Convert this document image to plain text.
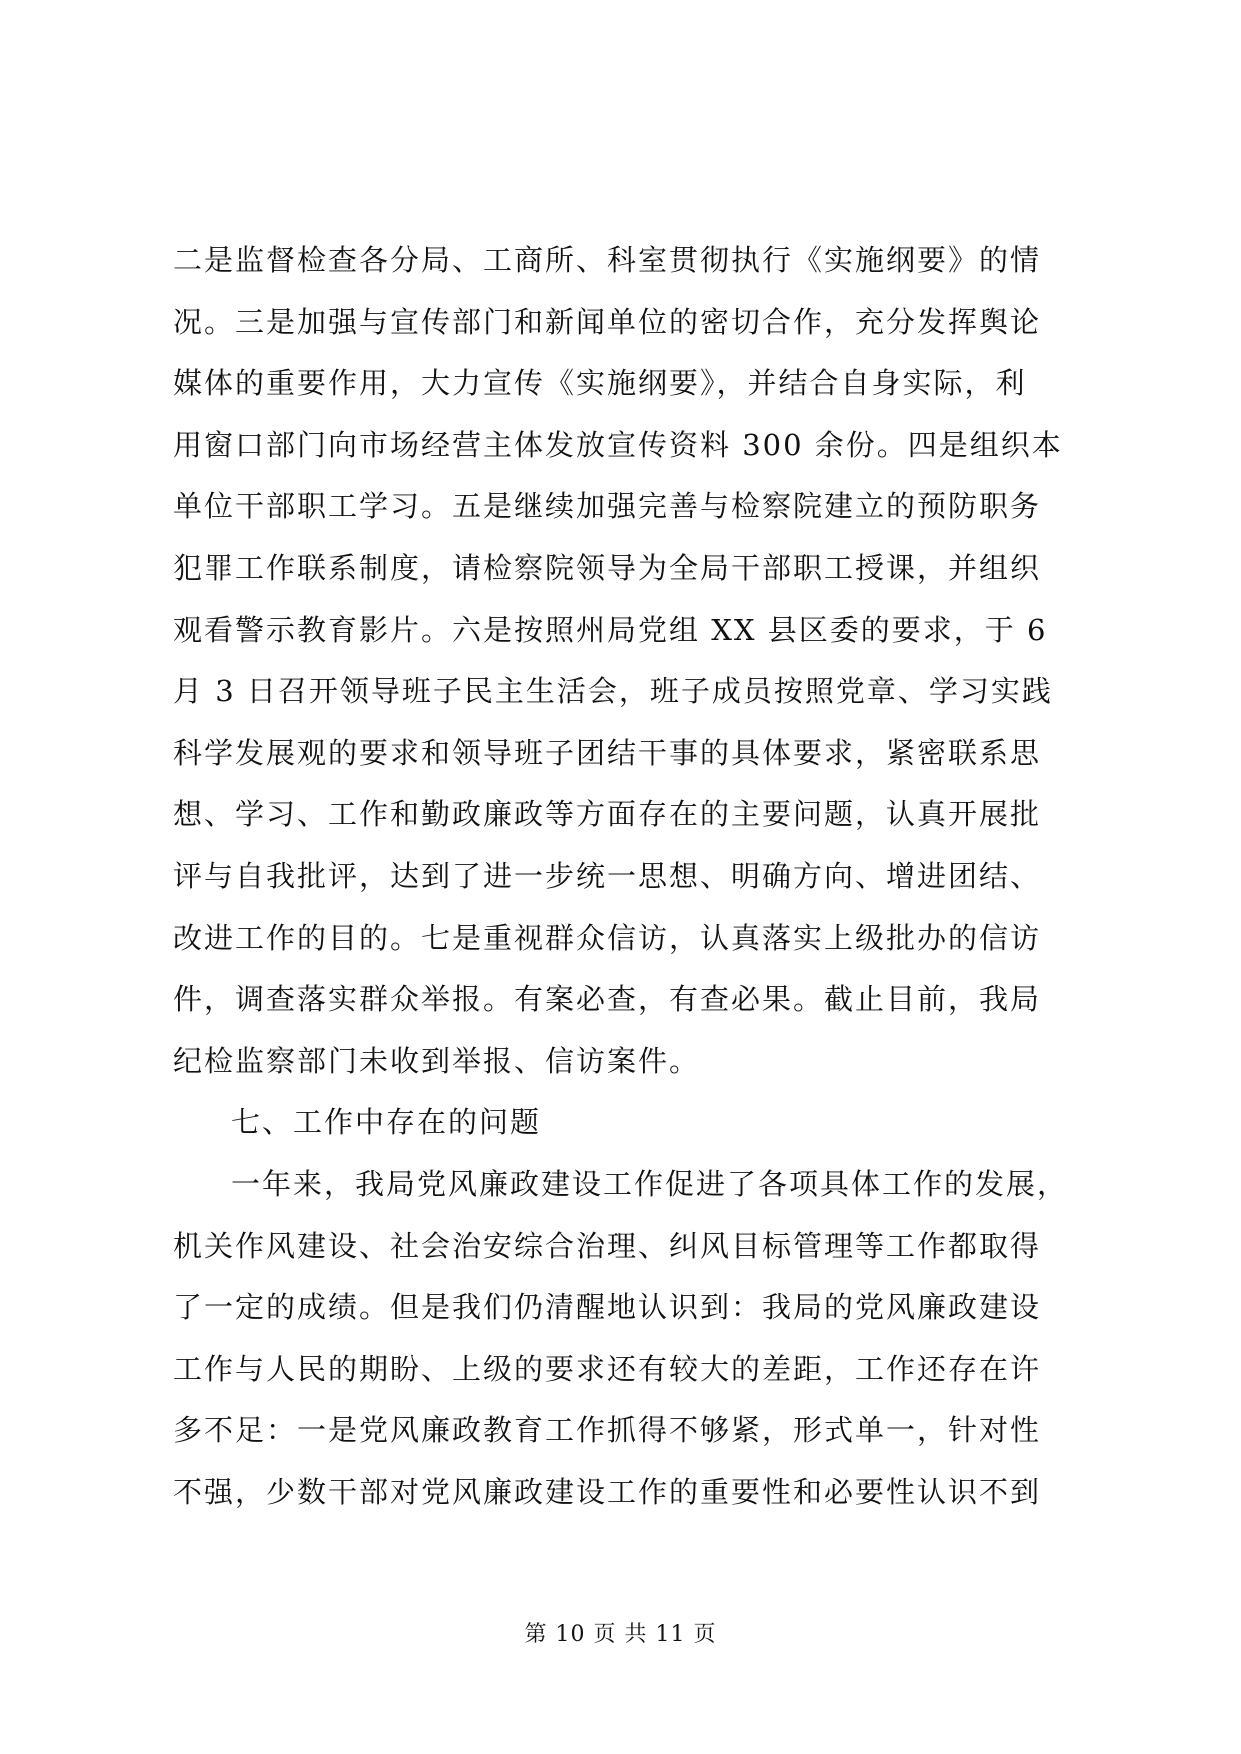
二是监督检查各分局、工商所、科室贯彻执行《实施纲要》的情
况。三是加强与宣传部门和新闻单位的密切合作，充分发挥舆论
媒体的重要作用，大力宣传《实施纲要》，并结合自身实际，利
用窗口部门向市场经营主体发放宣传资料 300 余份。四是组织本
单位干部职工学习。五是继续加强完善与检察院建立的预防职务
犯罪工作联系制度，请检察院领导为全局干部职工授课，并组织
观看警示教育影片。六是按照州局党组 XX 县区委的要求，于 6
月 3 日召开领导班子民主生活会，班子成员按照党章、学习实践
科学发展观的要求和领导班子团结干事的具体要求，紧密联系思
想、学习、工作和勤政廉政等方面存在的主要问题，认真开展批
评与自我批评，达到了进一步统一思想、明确方向、增进团结、
改进工作的目的。七是重视群众信访，认真落实上级批办的信访
件，调查落实群众举报。有案必查，有查必果。截止目前，我局
纪检监察部门未收到举报、信访案件。
七、工作中存在的问题
一年来，我局党风廉政建设工作促进了各项具体工作的发展，
机关作风建设、社会治安综合治理、纠风目标管理等工作都取得
了一定的成绩。但是我们仍清醒地认识到：我局的党风廉政建设
工作与人民的期盼、上级的要求还有较大的差距，工作还存在许
多不足：一是党风廉政教育工作抓得不够紧，形式单一，针对性
不强，少数干部对党风廉政建设工作的重要性和必要性认识不到
第 10 页 共 11 页
